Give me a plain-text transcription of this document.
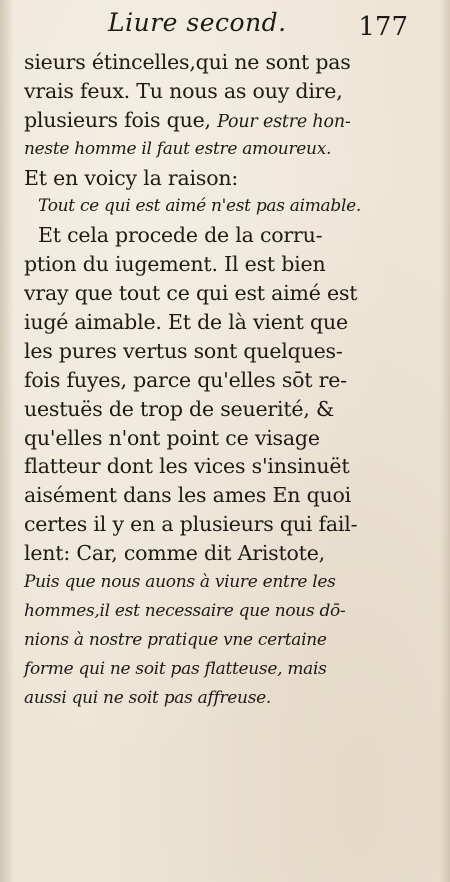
Liure second.	177
sieurs étincelles,qui ne sont pas
vrais feux. Tu nous as ouy dire,
plusieurs fois que, Pour estre hon-
neste homme il faut estre amoureux.
Et en voicy la raison:
Tout ce qui est aimé n'est pas aimable.
Et cela procede de la corru-
ption du iugement. Il est bien
vray que tout ce qui est aimé est
iugé aimable. Et de là vient que
les pures vertus sont quelques-
fois fuyes, parce qu'elles sōt re-
uestuës de trop de seuerité, &
qu'elles n'ont point ce visage
flatteur dont les vices s'insinuët
aisément dans les ames En quoi
certes il y en a plusieurs qui fail-
lent: Car, comme dit Aristote,
Puis que nous auons à viure entre les
hommes,il est necessaire que nous dō-
nions à nostre pratique vne certaine
forme qui ne soit pas flatteuse, mais
aussi qui ne soit pas affreuse.
